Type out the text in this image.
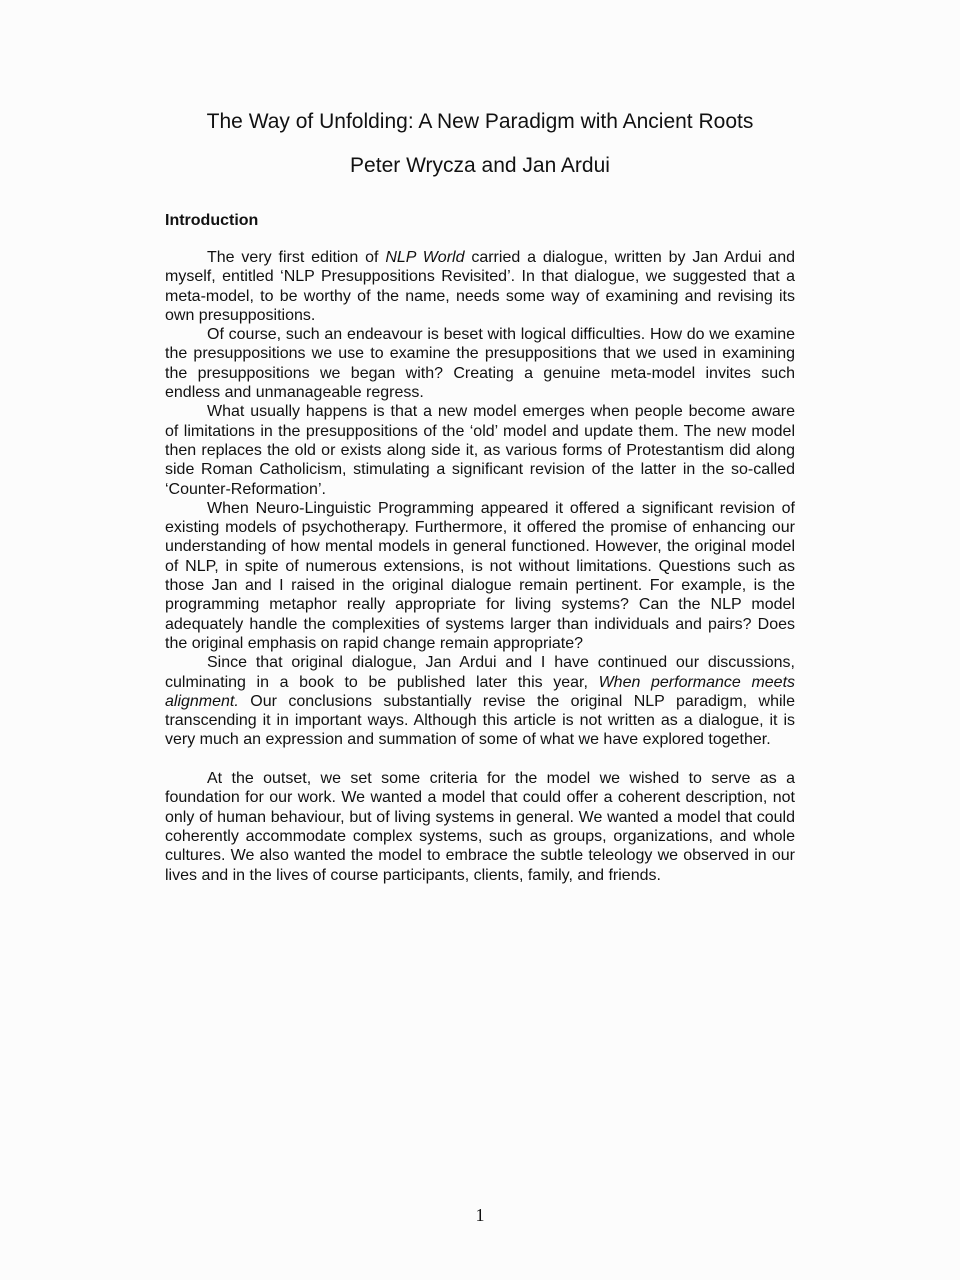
The Way of Unfolding: A New Paradigm with Ancient Roots
Peter Wrycza and Jan Ardui
Introduction

The very first edition of NLP World carried a dialogue, written by Jan Ardui and myself, entitled ‘NLP Presuppositions Revisited’. In that dialogue, we suggested that a meta-model, to be worthy of the name, needs some way of examining and revising its own presuppositions.

Of course, such an endeavour is beset with logical difficulties. How do we examine the presuppositions we use to examine the presuppositions that we used in examining the presuppositions we began with? Creating a genuine meta-model invites such endless and unmanageable regress.

What usually happens is that a new model emerges when people become aware of limitations in the presuppositions of the ‘old’ model and update them. The new model then replaces the old or exists along side it, as various forms of Protestantism did along side Roman Catholicism, stimulating a significant revision of the latter in the so-called ‘Counter-Reformation’.

When Neuro-Linguistic Programming appeared it offered a significant revision of existing models of psychotherapy. Furthermore, it offered the promise of enhancing our understanding of how mental models in general functioned. However, the original model of NLP, in spite of numerous extensions, is not without limitations. Questions such as those Jan and I raised in the original dialogue remain pertinent. For example, is the programming metaphor really appropriate for living systems? Can the NLP model adequately handle the complexities of systems larger than individuals and pairs? Does the original emphasis on rapid change remain appropriate?

Since that original dialogue, Jan Ardui and I have continued our discussions, culminating in a book to be published later this year, When performance meets alignment. Our conclusions substantially revise the original NLP paradigm, while transcending it in important ways. Although this article is not written as a dialogue, it is very much an expression and summation of some of what we have explored together.

At the outset, we set some criteria for the model we wished to serve as a foundation for our work. We wanted a model that could offer a coherent description, not only of human behaviour, but of living systems in general. We wanted a model that could coherently accommodate complex systems, such as groups, organizations, and whole cultures. We also wanted the model to embrace the subtle teleology we observed in our lives and in the lives of course participants, clients, family, and friends.

1
